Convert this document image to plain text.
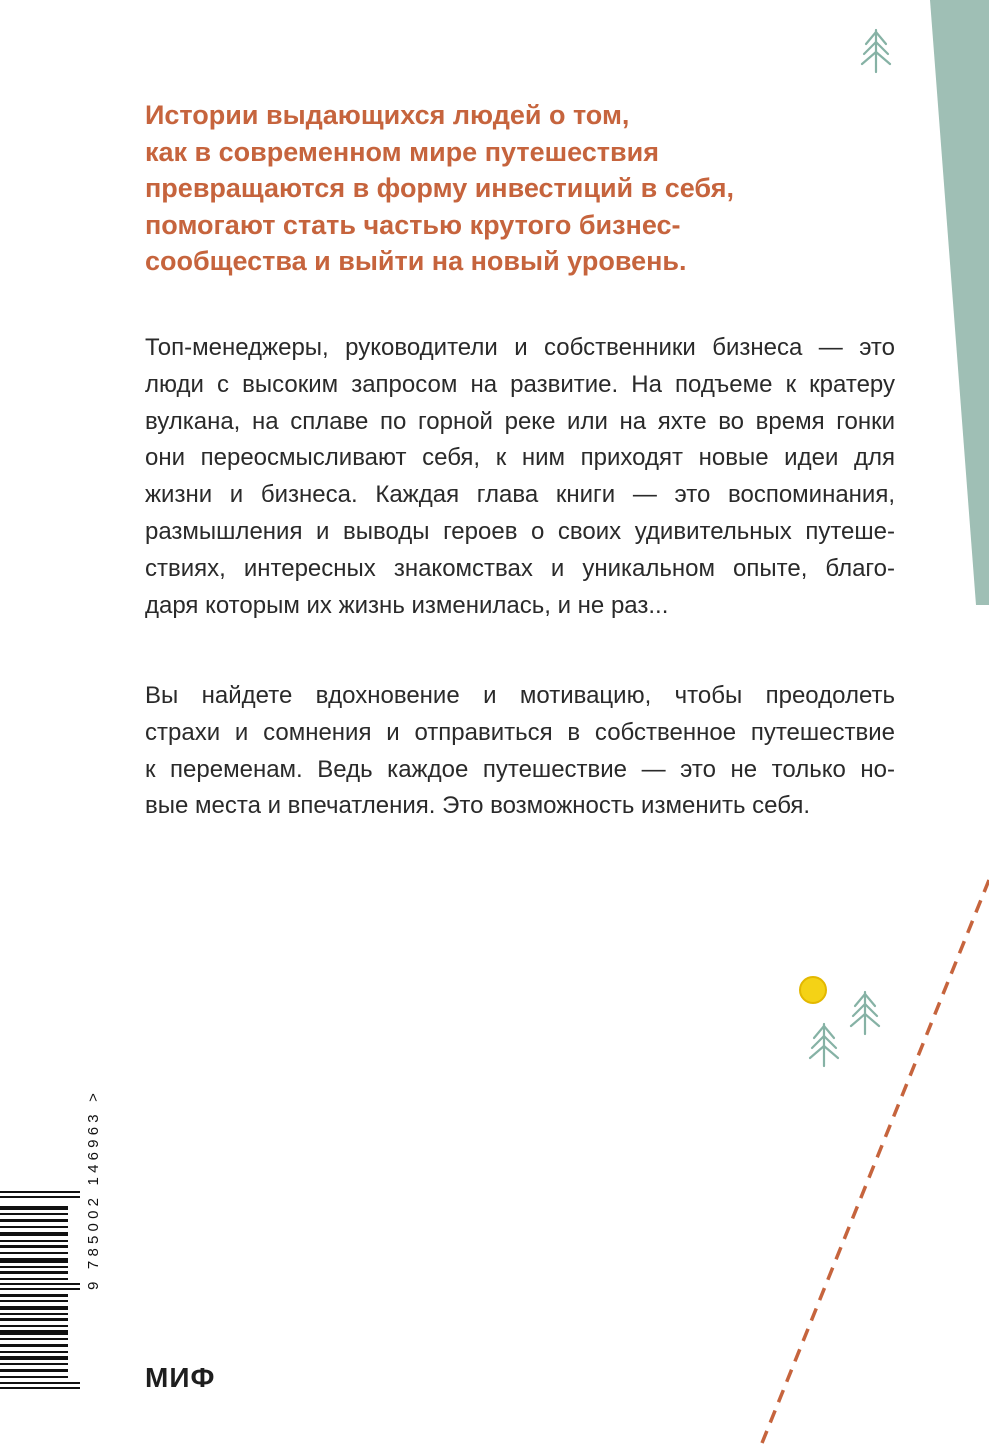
Истории выдающихся людей о том,
как в современном мире путешествия
превращаются в форму инвестиций в себя,
помогают стать частью крутого бизнес-
сообщества и выйти на новый уровень.

Топ-менеджеры, руководители и собственники бизнеса — это
люди с высоким запросом на развитие. На подъеме к кратеру
вулкана, на сплаве по горной реке или на яхте во время гонки
они переосмысливают себя, к ним приходят новые идеи для
жизни и бизнеса. Каждая глава книги — это воспоминания,
размышления и выводы героев о своих удивительных путеше-
ствиях, интересных знакомствах и уникальном опыте, благо-
даря которым их жизнь изменилась, и не раз...

Вы найдете вдохновение и мотивацию, чтобы преодолеть
страхи и сомнения и отправиться в собственное путешествие
к переменам. Ведь каждое путешествие — это не только но-
вые места и впечатления. Это возможность изменить себя.

9 785002 146963 >
МИФ
